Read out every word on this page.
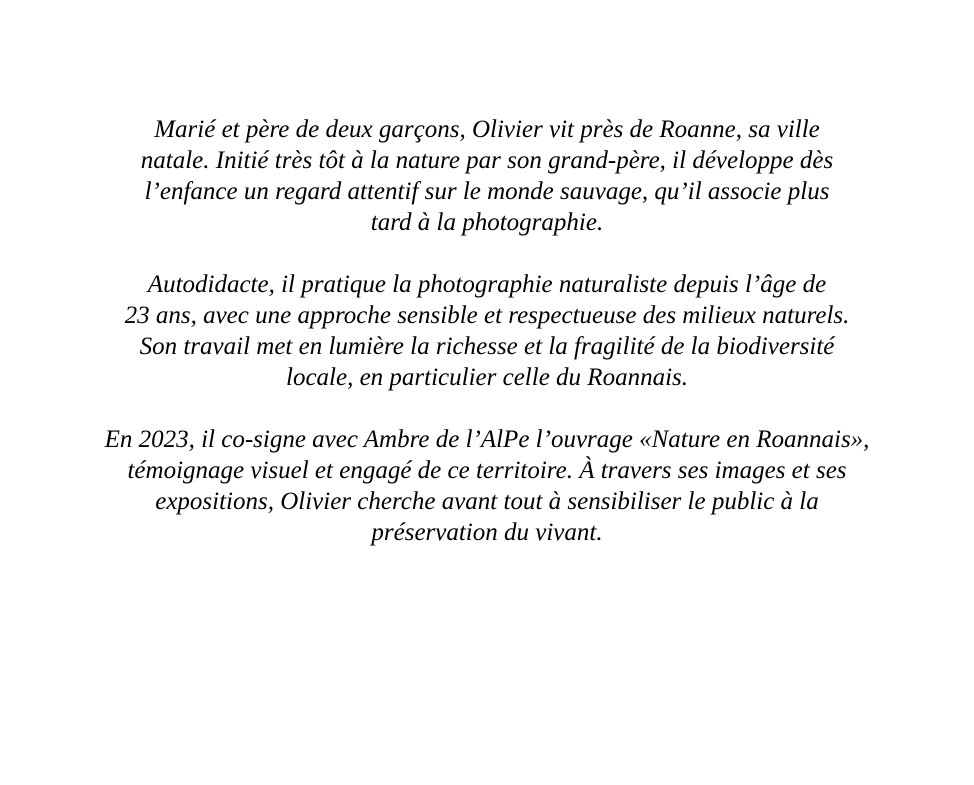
Marié et père de deux garçons, Olivier vit près de Roanne, sa ville
natale. Initié très tôt à la nature par son grand-père, il développe dès
l’enfance un regard attentif sur le monde sauvage, qu’il associe plus
tard à la photographie.

Autodidacte, il pratique la photographie naturaliste depuis l’âge de
23 ans, avec une approche sensible et respectueuse des milieux naturels.
Son travail met en lumière la richesse et la fragilité de la biodiversité
locale, en particulier celle du Roannais.

En 2023, il co-signe avec Ambre de l’AlPe l’ouvrage «Nature en Roannais»,
témoignage visuel et engagé de ce territoire. À travers ses images et ses
expositions, Olivier cherche avant tout à sensibiliser le public à la
préservation du vivant.
